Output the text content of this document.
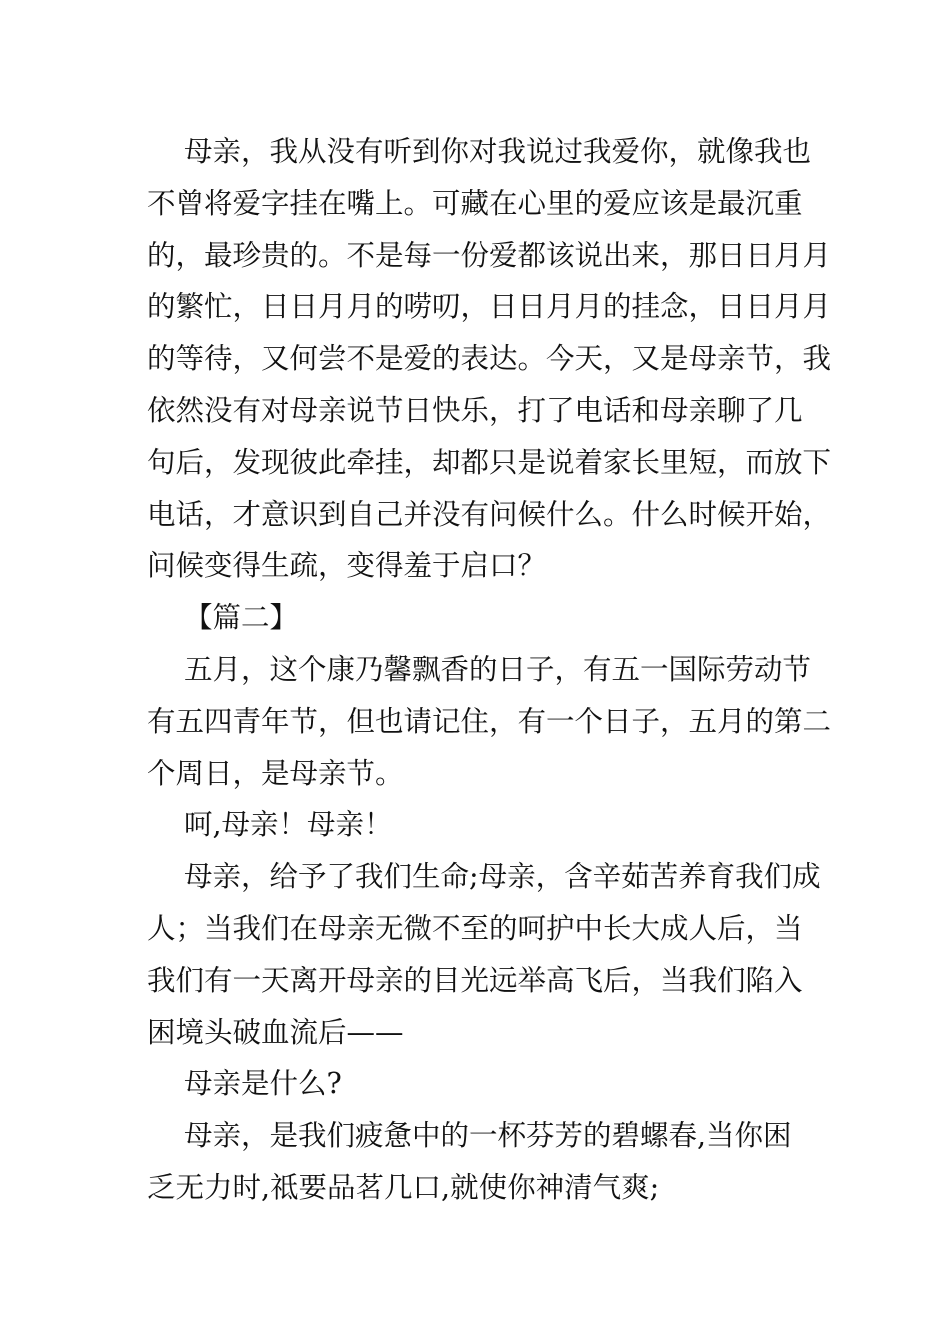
母亲，我从没有听到你对我说过我爱你，就像我也
不曾将爱字挂在嘴上。可藏在心里的爱应该是最沉重
的，最珍贵的。不是每一份爱都该说出来，那日日月月
的繁忙，日日月月的唠叨，日日月月的挂念，日日月月
的等待，又何尝不是爱的表达。今天，又是母亲节，我
依然没有对母亲说节日快乐，打了电话和母亲聊了几
句后，发现彼此牵挂，却都只是说着家长里短，而放下
电话，才意识到自己并没有问候什么。什么时候开始，
问候变得生疏，变得羞于启口？
【篇二】
五月，这个康乃馨飘香的日子，有五一国际劳动节
有五四青年节，但也请记住，有一个日子，五月的第二
个周日，是母亲节。
呵,母亲！母亲！
母亲，给予了我们生命;母亲，含辛茹苦养育我们成
人；当我们在母亲无微不至的呵护中长大成人后，当
我们有一天离开母亲的目光远举高飞后，当我们陷入
困境头破血流后——
母亲是什么?
母亲，是我们疲惫中的一杯芬芳的碧螺春,当你困
乏无力时,祗要品茗几口,就使你神清气爽;
